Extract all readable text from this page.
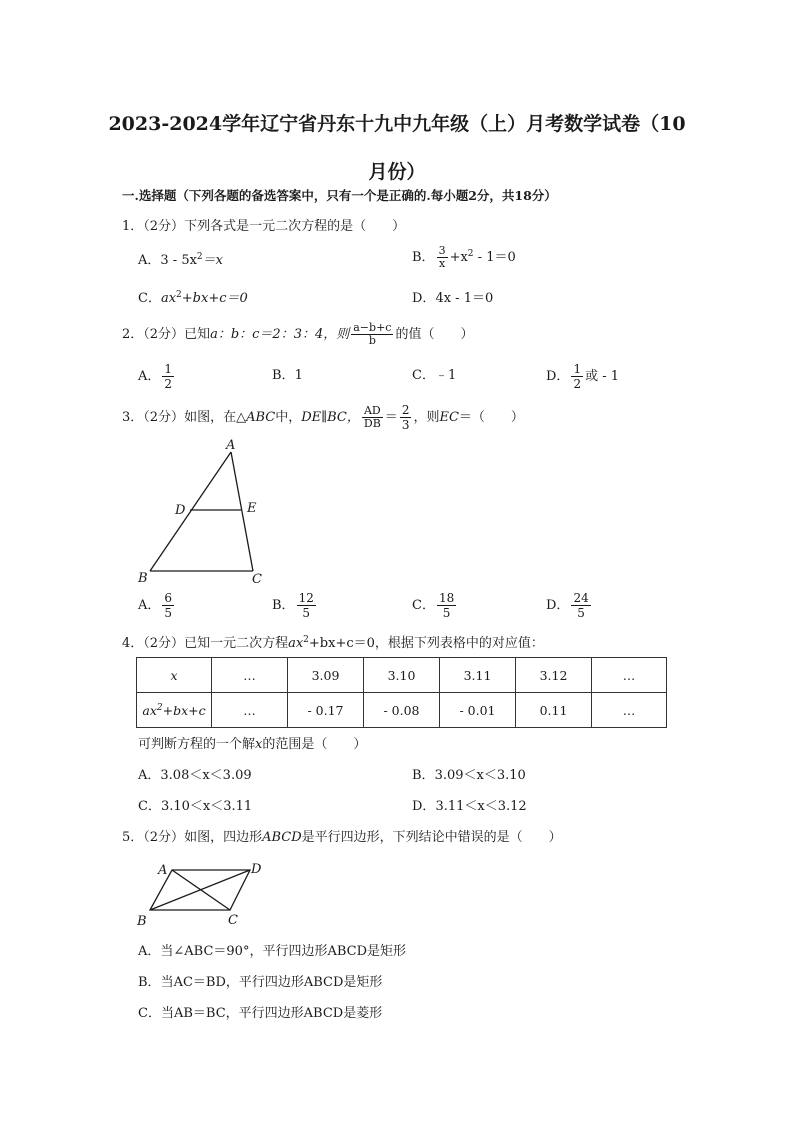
2023-2024学年辽宁省丹东十九中九年级（上）月考数学试卷（10月份）
一.选择题（下列各题的备选答案中，只有一个是正确的.每小题2分，共18分）
1．（2分）下列各式是一元二次方程的是（　　）
A．$3 - 5x^2=x$	B． $\frac{3}{x} +x^2 - 1=0$
C．$ax^2+bx+c=0$	D．4x - 1＝0
2．（2分）已知a：b：c＝2：3：4，则 $\frac{a-b+c}{b}$ 的值（　　）
A． $\frac{1}{2}$	B．1	C．﹣1	D． $\frac{1}{2}$ 或 - 1
3．（2分）如图，在△ABC中，DE∥BC， $\frac{AD}{DB} = \frac{2}{3}$ ，则EC＝（　　）
A
D	E
B	C
A． $\frac{6}{5}$	B． $\frac{12}{5}$	C． $\frac{18}{5}$	D． $\frac{24}{5}$
4．（2分）已知一元二次方程$ax^2+bx+c=0$，根据下列表格中的对应值：
x	…	3.09	3.10	3.11	3.12	…
$ax^2+bx+c$	…	- 0.17	- 0.08	- 0.01	0.11	…
可判断方程的一个解x的范围是（　　）
A．3.08＜x＜3.09	B．3.09＜x＜3.10
C．3.10＜x＜3.11	D．3.11＜x＜3.12
5．（2分）如图，四边形ABCD是平行四边形，下列结论中错误的是（　　）
A	D
B	C
A．当∠ABC＝90°，平行四边形ABCD是矩形
B．当AC＝BD，平行四边形ABCD是矩形
C．当AB＝BC，平行四边形ABCD是菱形
